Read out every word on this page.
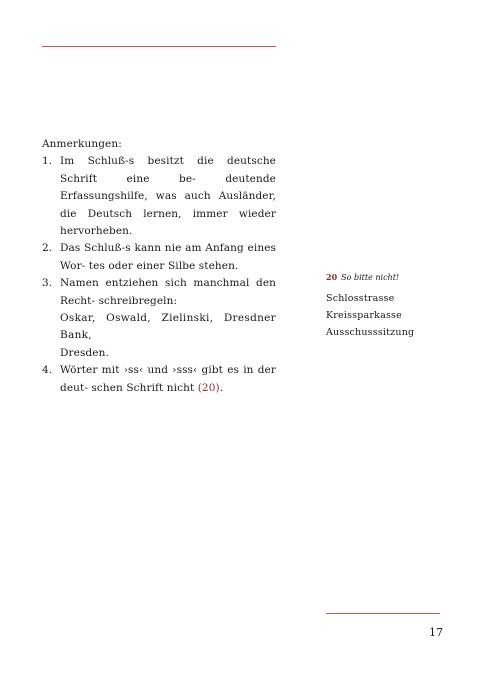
Anmerkungen:
1. Im Schluß-s besitzt die deutsche Schrift eine be- deutende Erfassungshilfe, was auch Ausländer, die Deutsch lernen, immer wieder hervorheben.
2. Das Schluß-s kann nie am Anfang eines Wor- tes oder einer Silbe stehen.
3. Namen entziehen sich manchmal den Recht- schreibregeln:
Oskar, Oswald, Zielinski, Dresdner Bank,
Dresden.
4. Wörter mit ›ss‹ und ›sss‹ gibt es in der deut- schen Schrift nicht (20).
20 So bitte nicht!
Schlosstrasse
Kreissparkasse
Ausschusssitzung
17
